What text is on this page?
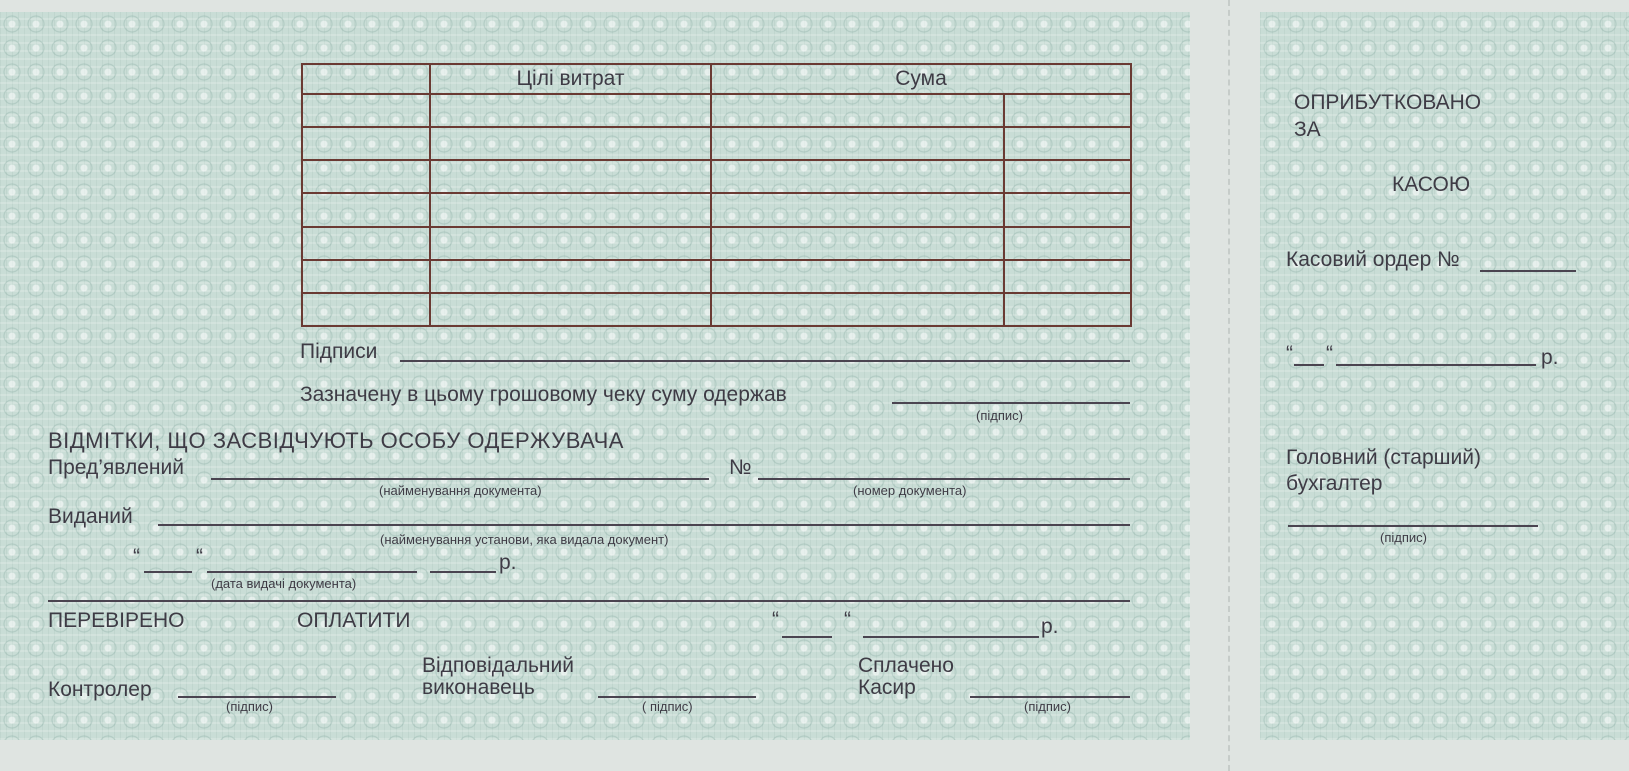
	Цілі витрат	Сума	

Підписи
Зазначену в цьому грошовому чеку суму одержав
(підпис)
ВІДМІТКИ, ЩО ЗАСВІДЧУЮТЬ ОСОБУ ОДЕРЖУВАЧА
Пред’явлений
(найменування документа)
№
(номер документа)
Виданий
(найменування установи, яка видала документ)
“	“
(дата видачі документа)
р.
ПЕРЕВІРЕНО	ОПЛАТИТИ	“	“	р.
Контролер
(підпис)
Відповідальний
виконавець
( підпис)
Сплачено
Касир
(підпис)
ОПРИБУТКОВАНО
ЗА
КАСОЮ
Касовий ордер №
“ “	р.
Головний (старший)
бухгалтер
(підпис)
